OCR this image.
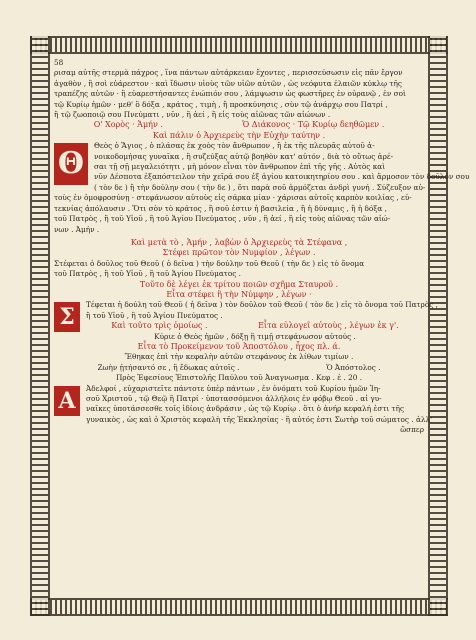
58
ρισαμ αὐτῆς στερμὰ πάχρος , ἵνα πάντων αὐτάρκειαν ἔχοντες , περισσεύσωσιν εἰς πᾶν ἔργον
ἀγαθὸν , ἢ σοὶ εὐάρεστον · καὶ ἴδωσιν υἱοὺς τῶν υἱῶν αὐτῶν , ὡς νεόφυτα ἐλαιῶν κύκλῳ τῆς
τραπέζης αὐτῶν · ἢ εὐαρεστήσαντες ἐνώπιόν σου , λάμψωσιν ὡς φωστῆρες ἐν οὐρανῷ , ἐν σοὶ
τῷ Κυρίῳ ἡμῶν · μεθ' ὃ δόξα , κράτος , τιμὴ , ἢ προσκύνησις , σὺν τῷ ἀνάρχῳ σου Πατρί ,
ἢ τῷ ζωοποιῷ σου Πνεύματι , νῦν , ἢ ἀεί , ἢ εἰς τοὺς αἰῶνας τῶν αἰώνων .
Ο' Χορὸς · Ἀμήν .	Ὁ Διάκονος · Τῷ Κυρίῳ δεηθῶμεν .
Καὶ πάλιν ὁ Ἀρχιερεὺς τὴν Εὐχὴν ταύτην .
Θ
Θεὸς ὁ Ἅγιος , ὁ πλάσας ἐκ χοὸς τὸν ἄνθρωπον , ἢ ἐκ τῆς πλευρᾶς αὐτοῦ ἀ-
νοικοδομήσας γυναῖκα , ἢ συζεύξας αὐτῷ βοηθὸν κατ' αὐτόν , διὰ τὸ οὕτως ἀρέ-
σαι τῇ σῇ μεγαλειότητι , μὴ μόνον εἶναι τὸν ἄνθρωπον ἐπὶ τῆς γῆς . Αὐτὸς καὶ
νῦν Δέσποτα ἐξαπόστειλον τὴν χεῖρά σου ἐξ ἁγίου κατοικητηρίου σου . καὶ ἅρμοσον τὸν δοῦλόν σου
( τὸν δε ) ἢ τὴν δούλην σου ( τὴν δε ) , ὅτι παρὰ σοῦ ἁρμόζεται ἀνδρὶ γυνή . Σύζευξον αὐ-
τοὺς ἐν ὁμοφροσύνῃ · στεφάνωσον αὐτοὺς εἰς σάρκα μίαν · χάρισαι αὐτοῖς καρπὸν κοιλίας , εὐ-
τεκνίας ἀπόλαυσιν . Ὅτι σὸν τὸ κράτος , ἢ σοῦ ἐστιν ἡ βασιλεία , ἢ ἡ δύναμις , ἢ ἡ δόξα ,
τοῦ Πατρὸς , ἢ τοῦ Υἱοῦ , ἢ τοῦ Ἁγίου Πνεύματος , νῦν , ἢ ἀεί , ἢ εἰς τοὺς αἰῶνας τῶν αἰώ-
νων . Ἀμήν .
Καὶ μετὰ τὸ , Ἀμήν , λαβὼν ὁ Ἀρχιερεὺς τὰ Στέφανα ,
Στέφει πρῶτον τὸν Νυμφίον , λέγων .
Στέφεται ὁ δοῦλος τοῦ Θεοῦ ( ὁ δεῖνα ) τὴν δούλην τοῦ Θεοῦ ( τὴν δε ) εἰς τὸ ὄνομα
τοῦ Πατρὸς , ἢ τοῦ Υἱοῦ , ἢ τοῦ Ἁγίου Πνεύματος .
Τοῦτο δὲ λέγει ἐκ τρίτου ποιῶν σχῆμα Σταυροῦ .
Εἶτα στέφει ἢ τὴν Νύμφην , λέγων ·
Σ	Τέφεται ἡ δούλη τοῦ Θεοῦ ( ἡ δεῖνα ) τὸν δοῦλον τοῦ Θεοῦ ( τὸν δε ) εἰς τὸ ὄνομα τοῦ Πατρὸς ,
ἢ τοῦ Υἱοῦ , ἢ τοῦ Ἁγίου Πνεύματος .
Καὶ τοῦτο τρὶς ὁμοίως .	Εἶτα εὐλογεῖ αὐτοὺς , λέγων ἐκ γ'.
Κύριε ὁ Θεὸς ἡμῶν , δόξῃ ἢ τιμῇ στεφάνωσον αὐτούς .
Εἶτα τὸ Προκείμενον τοῦ Ἀποστόλου , ἦχος πλ. ά.
Ἔθηκας ἐπὶ τὴν κεφαλὴν αὐτῶν στεφάνους ἐκ λίθων τιμίων .
Ζωὴν ᾐτήσαντό σε , ἢ ἔδωκας αὐτοῖς .	Ὁ Ἀπόστολος .
Πρὸς Ἐφεσίους Ἐπιστολῆς Παύλου τοῦ Ἀναγνωσμα . Κεφ . ἑ . 20 .
Α	Ἀδελφοί , εὐχαριστεῖτε πάντοτε ὑπὲρ πάντων , ἐν ὀνόματι τοῦ Κυρίου ἡμῶν Ἰη-
σοῦ Χριστοῦ , τῷ Θεῷ ἢ Πατρί · ὑποτασσόμενοι ἀλλήλοις ἐν φόβῳ Θεοῦ . αἱ γυ-
ναῖκες ὑποτάσσεσθε τοῖς ἰδίοις ἀνδράσιν , ὡς τῷ Κυρίῳ . ὅτι ὁ ἀνήρ κεφαλή ἐστι τῆς
γυναικὸς , ὡς καὶ ὁ Χριστὸς κεφαλὴ τῆς Ἐκκλησίας · ἢ αὐτός ἐστι Σωτὴρ τοῦ σώματος . ἀλλ'
ὥσπερ
